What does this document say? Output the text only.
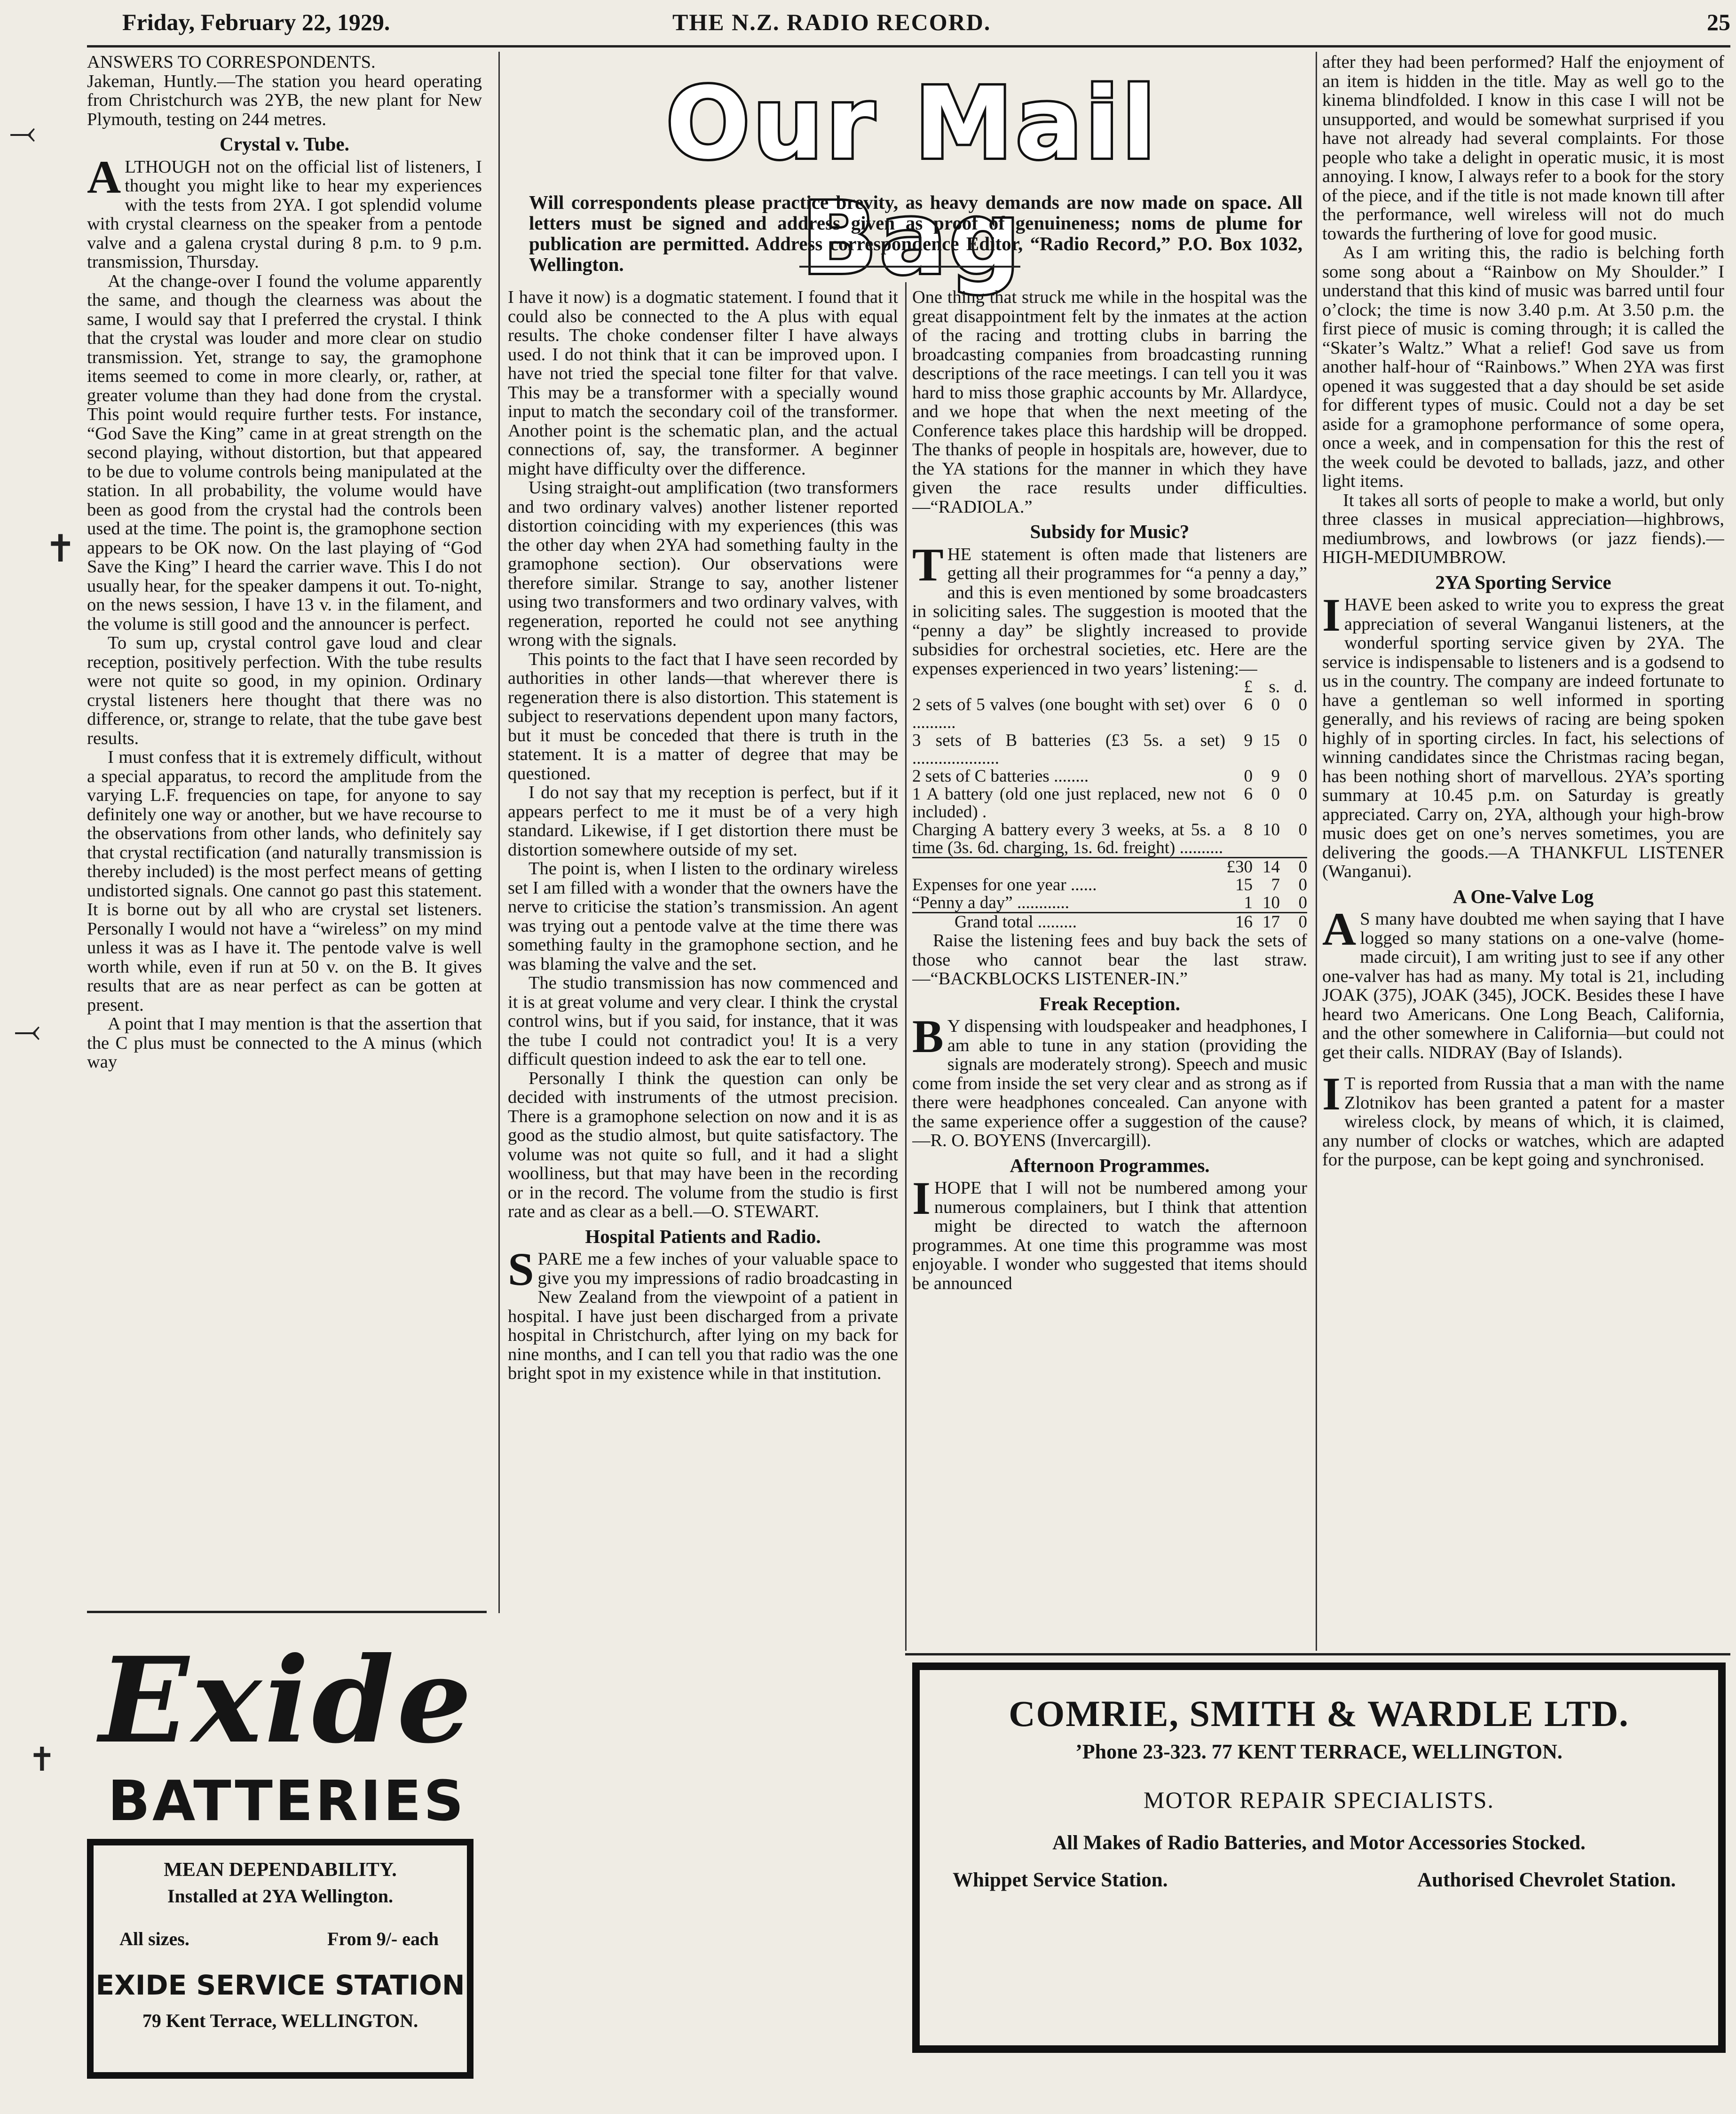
Friday, February 22, 1929.	THE N.Z. RADIO RECORD.	25
⤙
✝
⤙
✝
Our Mail Bag
Will correspondents please practice brevity, as heavy demands are now made on space. All letters must be signed and address given as proof of genuineness; noms de plume for publication are permitted. Address correspondence Editor, “Radio Record,” P.O. Box 1032, Wellington.

ANSWERS TO CORRESPONDENTS.

Jakeman, Huntly.—The station you heard operating from Christchurch was 2YB, the new plant for New Plymouth, testing on 244 metres.

Crystal v. Tube.

ALTHOUGH not on the official list of listeners, I thought you might like to hear my experiences with the tests from 2YA. I got splendid volume with crystal clearness on the speaker from a pentode valve and a galena crystal during 8 p.m. to 9 p.m. transmission, Thursday.

At the change-over I found the volume apparently the same, and though the clearness was about the same, I would say that I preferred the crystal. I think that the crystal was louder and more clear on studio transmission. Yet, strange to say, the gramophone items seemed to come in more clearly, or, rather, at greater volume than they had done from the crystal. This point would require further tests. For instance, “God Save the King” came in at great strength on the second playing, without distortion, but that appeared to be due to volume controls being manipulated at the station. In all probability, the volume would have been as good from the crystal had the controls been used at the time. The point is, the gramophone section appears to be OK now. On the last playing of “God Save the King” I heard the carrier wave. This I do not usually hear, for the speaker dampens it out. To-night, on the news session, I have 13 v. in the filament, and the volume is still good and the announcer is perfect.

To sum up, crystal control gave loud and clear reception, positively perfection. With the tube results were not quite so good, in my opinion. Ordinary crystal listeners here thought that there was no difference, or, strange to relate, that the tube gave best results.

I must confess that it is extremely difficult, without a special apparatus, to record the amplitude from the varying L.F. frequencies on tape, for anyone to say definitely one way or another, but we have recourse to the observations from other lands, who definitely say that crystal rectification (and naturally transmission is thereby included) is the most perfect means of getting undistorted signals. One cannot go past this statement. It is borne out by all who are crystal set listeners. Personally I would not have a “wireless” on my mind unless it was as I have it. The pentode valve is well worth while, even if run at 50 v. on the B. It gives results that are as near perfect as can be gotten at present.

A point that I may mention is that the assertion that the C plus must be connected to the A minus (which way

I have it now) is a dogmatic statement. I found that it could also be connected to the A plus with equal results. The choke condenser filter I have always used. I do not think that it can be improved upon. I have not tried the special tone filter for that valve. This may be a transformer with a specially wound input to match the secondary coil of the transformer. Another point is the schematic plan, and the actual connections of, say, the transformer. A beginner might have difficulty over the difference.

Using straight-out amplification (two transformers and two ordinary valves) another listener reported distortion coinciding with my experiences (this was the other day when 2YA had something faulty in the gramophone section). Our observations were therefore similar. Strange to say, another listener using two transformers and two ordinary valves, with regeneration, reported he could not see anything wrong with the signals.

This points to the fact that I have seen recorded by authorities in other lands—that wherever there is regeneration there is also distortion. This statement is subject to reservations dependent upon many factors, but it must be conceded that there is truth in the statement. It is a matter of degree that may be questioned.

I do not say that my reception is perfect, but if it appears perfect to me it must be of a very high standard. Likewise, if I get distortion there must be distortion somewhere outside of my set.

The point is, when I listen to the ordinary wireless set I am filled with a wonder that the owners have the nerve to criticise the station’s transmission. An agent was trying out a pentode valve at the time there was something faulty in the gramophone section, and he was blaming the valve and the set.

The studio transmission has now commenced and it is at great volume and very clear. I think the crystal control wins, but if you said, for instance, that it was the tube I could not contradict you! It is a very difficult question indeed to ask the ear to tell one.

Personally I think the question can only be decided with instruments of the utmost precision. There is a gramophone selection on now and it is as good as the studio almost, but quite satisfactory. The volume was not quite so full, and it had a slight woolliness, but that may have been in the recording or in the record. The volume from the studio is first rate and as clear as a bell.—O. STEWART.

Hospital Patients and Radio.

SPARE me a few inches of your valuable space to give you my impressions of radio broadcasting in New Zealand from the viewpoint of a patient in hospital. I have just been discharged from a private hospital in Christchurch, after lying on my back for nine months, and I can tell you that radio was the one bright spot in my existence while in that institution.

One thing that struck me while in the hospital was the great disappointment felt by the inmates at the action of the racing and trotting clubs in barring the broadcasting companies from broadcasting running descriptions of the race meetings. I can tell you it was hard to miss those graphic accounts by Mr. Allardyce, and we hope that when the next meeting of the Conference takes place this hardship will be dropped. The thanks of people in hospitals are, however, due to the YA stations for the manner in which they have given the race results under difficulties.—“RADIOLA.”

Subsidy for Music?

THE statement is often made that listeners are getting all their programmes for “a penny a day,” and this is even mentioned by some broadcasters in soliciting sales. The suggestion is mooted that the “penny a day” be slightly increased to provide subsidies for orchestral societies, etc. Here are the expenses experienced in two years’ listening:—

	£	s.	d.
2 sets of 5 valves (one bought with set) over ..........	6	0	0
3 sets of B batteries (£3 5s. a set) ....................	9	15	0
2 sets of C batteries ........	0	9	0
1 A battery (old one just replaced, new not included) .	6	0	0
Charging A battery every 3 weeks, at 5s. a time (3s. 6d. charging, 1s. 6d. freight) ..........	8	10	0
	£30	14	0
Expenses for one year ......	15	7	0
“Penny a day” ............	1	10	0
Grand total .........	16	17	0

Raise the listening fees and buy back the sets of those who cannot bear the last straw.—“BACKBLOCKS LISTENER-IN.”

Freak Reception.

B Y dispensing with loudspeaker and headphones, I am able to tune in any station (providing the signals are moderately strong). Speech and music come from inside the set very clear and as strong as if there were headphones concealed. Can anyone with the same experience offer a suggestion of the cause?—R. O. BOYENS (Invercargill).

Afternoon Programmes.

IHOPE that I will not be numbered among your numerous complainers, but I think that attention might be directed to watch the afternoon programmes. At one time this programme was most enjoyable. I wonder who suggested that items should be announced

after they had been performed? Half the enjoyment of an item is hidden in the title. May as well go to the kinema blindfolded. I know in this case I will not be unsupported, and would be somewhat surprised if you have not already had several complaints. For those people who take a delight in operatic music, it is most annoying. I know, I always refer to a book for the story of the piece, and if the title is not made known till after the performance, well wireless will not do much towards the furthering of love for good music.

As I am writing this, the radio is belching forth some song about a “Rainbow on My Shoulder.” I understand that this kind of music was barred until four o’clock; the time is now 3.40 p.m. At 3.50 p.m. the first piece of music is coming through; it is called the “Skater’s Waltz.” What a relief! God save us from another half-hour of “Rainbows.” When 2YA was first opened it was suggested that a day should be set aside for different types of music. Could not a day be set aside for a gramophone performance of some opera, once a week, and in compensation for this the rest of the week could be devoted to ballads, jazz, and other light items.

It takes all sorts of people to make a world, but only three classes in musical appreciation—highbrows, mediumbrows, and lowbrows (or jazz fiends).—HIGH-MEDIUMBROW.

2YA Sporting Service

IHAVE been asked to write you to express the great appreciation of several Wanganui listeners, at the wonderful sporting service given by 2YA. The service is indispensable to listeners and is a godsend to us in the country. The company are indeed fortunate to have a gentleman so well informed in sporting generally, and his reviews of racing are being spoken highly of in sporting circles. In fact, his selections of winning candidates since the Christmas racing began, has been nothing short of marvellous. 2YA’s sporting summary at 10.45 p.m. on Saturday is greatly appreciated. Carry on, 2YA, although your high-brow music does get on one’s nerves sometimes, you are delivering the goods.—A THANKFUL LISTENER (Wanganui).

A One-Valve Log

A S many have doubted me when saying that I have logged so many stations on a one-valve (home-made circuit), I am writing just to see if any other one-valver has had as many. My total is 21, including JOAK (375), JOAK (345), JOCK. Besides these I have heard two Americans. One Long Beach, California, and the other somewhere in California—but could not get their calls. NIDRAY (Bay of Islands).

I T is reported from Russia that a man with the name Zlotnikov has been granted a patent for a master wireless clock, by means of which, it is claimed, any number of clocks or watches, which are adapted for the purpose, can be kept going and synchronised.

Exide
BATTERIES
MEAN DEPENDABILITY.
Installed at 2YA Wellington.
All sizes.	From 9/- each
EXIDE SERVICE STATION
79 Kent Terrace, WELLINGTON.
COMRIE, SMITH & WARDLE LTD.
’Phone 23-323. 77 KENT TERRACE, WELLINGTON.
MOTOR REPAIR SPECIALISTS.
All Makes of Radio Batteries, and Motor Accessories Stocked.
Whippet Service Station.	Authorised Chevrolet Station.
